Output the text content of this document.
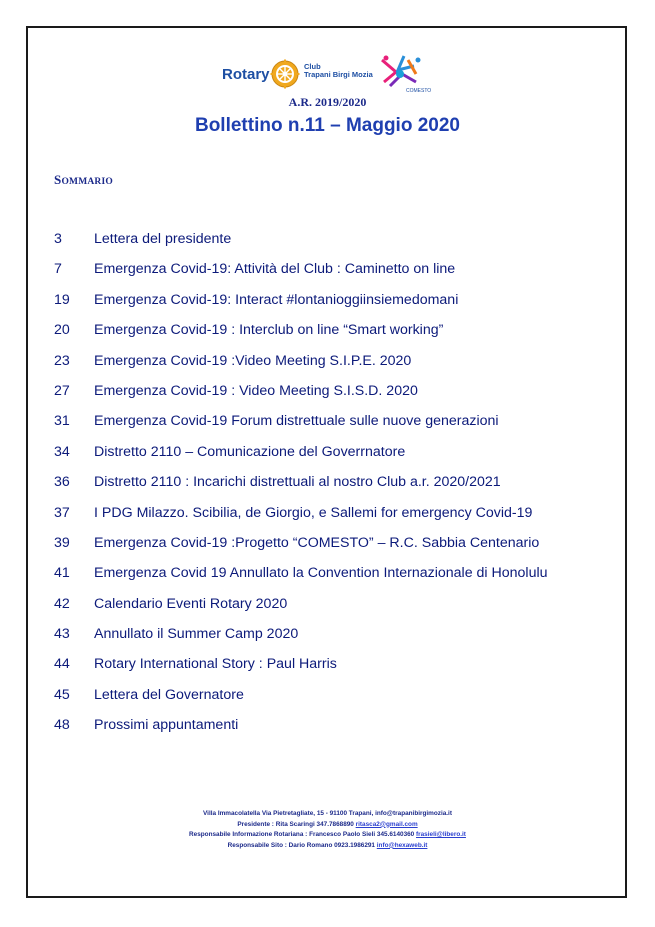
Rotary	Club
Trapani Birgi Mozia
COMESTO
A.R. 2019/2020
Bollettino n.11 – Maggio 2020
SOMMARIO
3 Lettera del presidente
7 Emergenza Covid-19: Attività del Club : Caminetto on line
19 Emergenza Covid-19: Interact #lontanioggiinsiemedomani
20 Emergenza Covid-19 : Interclub on line “Smart working”
23 Emergenza Covid-19 :Video Meeting S.I.P.E. 2020
27 Emergenza Covid-19 : Video Meeting S.I.S.D. 2020
31 Emergenza Covid-19 Forum distrettuale sulle nuove generazioni
34 Distretto 2110 – Comunicazione del Goverrnatore
36 Distretto 2110 : Incarichi distrettuali al nostro Club a.r. 2020/2021
37 I PDG Milazzo. Scibilia, de Giorgio, e Sallemi for emergency Covid-19
39 Emergenza Covid-19 :Progetto “COMESTO” – R.C. Sabbia Centenario
41 Emergenza Covid 19 Annullato la Convention Internazionale di Honolulu
42 Calendario Eventi Rotary 2020
43 Annullato il Summer Camp 2020
44 Rotary International Story : Paul Harris
45 Lettera del Governatore
48 Prossimi appuntamenti
Villa Immacolatella Via Pietretagliate, 15 - 91100 Trapani, info@trapanibirgimozia.it
Presidente : Rita Scaringi 347.7868890 ritasca2@gmail.com
Responsabile Informazione Rotariana : Francesco Paolo Sieli 345.6140360 frasieli@libero.it
Responsabile Sito : Dario Romano 0923.1986291 info@hexaweb.it
